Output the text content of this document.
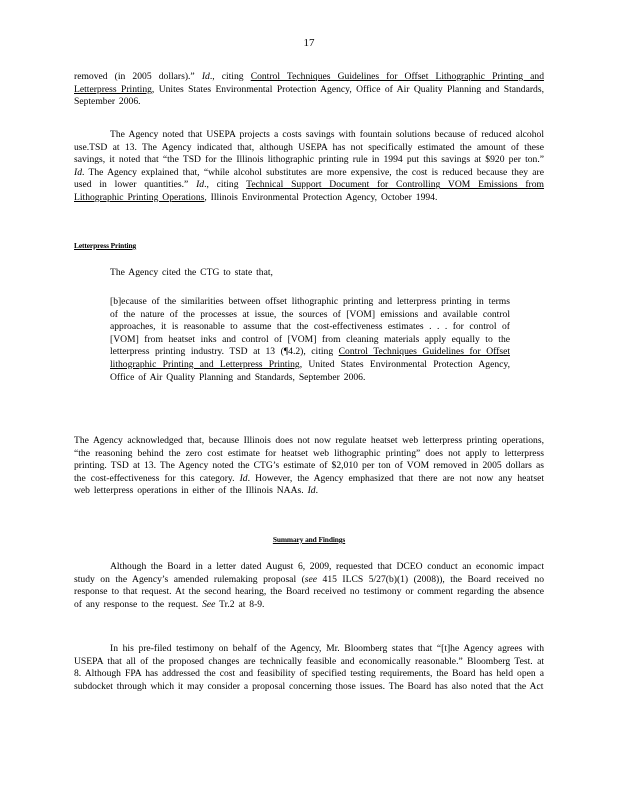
17

removed (in 2005 dollars).” Id., citing Control Techniques Guidelines for Offset Lithographic Printing and Letterpress Printing, Unites States Environmental Protection Agency, Office of Air Quality Planning and Standards, September 2006.

The Agency noted that USEPA projects a costs savings with fountain solutions because of reduced alcohol use.TSD at 13. The Agency indicated that, although USEPA has not specifically estimated the amount of these savings, it noted that “the TSD for the Illinois lithographic printing rule in 1994 put this savings at $920 per ton.” Id. The Agency explained that, “while alcohol substitutes are more expensive, the cost is reduced because they are used in lower quantities.” Id., citing Technical Support Document for Controlling VOM Emissions from Lithographic Printing Operations, Illinois Environmental Protection Agency, October 1994.

Letterpress Printing

The Agency cited the CTG to state that,

[b]ecause of the similarities between offset lithographic printing and letterpress printing in terms of the nature of the processes at issue, the sources of [VOM] emissions and available control approaches, it is reasonable to assume that the cost-effectiveness estimates . . . for control of [VOM] from heatset inks and control of [VOM] from cleaning materials apply equally to the letterpress printing industry. TSD at 13 (¶4.2), citing Control Techniques Guidelines for Offset lithographic Printing and Letterpress Printing, United States Environmental Protection Agency, Office of Air Quality Planning and Standards, September 2006.

The Agency acknowledged that, because Illinois does not now regulate heatset web letterpress printing operations, “the reasoning behind the zero cost estimate for heatset web lithographic printing” does not apply to letterpress printing. TSD at 13. The Agency noted the CTG’s estimate of $2,010 per ton of VOM removed in 2005 dollars as the cost-effectiveness for this category. Id. However, the Agency emphasized that there are not now any heatset web letterpress operations in either of the Illinois NAAs. Id.

Summary and Findings

Although the Board in a letter dated August 6, 2009, requested that DCEO conduct an economic impact study on the Agency’s amended rulemaking proposal (see 415 ILCS 5/27(b)(1) (2008)), the Board received no response to that request. At the second hearing, the Board received no testimony or comment regarding the absence of any response to the request. See Tr.2 at 8-9.

In his pre-filed testimony on behalf of the Agency, Mr. Bloomberg states that “[t]he Agency agrees with USEPA that all of the proposed changes are technically feasible and economically reasonable.” Bloomberg Test. at 8. Although FPA has addressed the cost and feasibility of specified testing requirements, the Board has held open a subdocket through which it may consider a proposal concerning those issues. The Board has also noted that the Act
